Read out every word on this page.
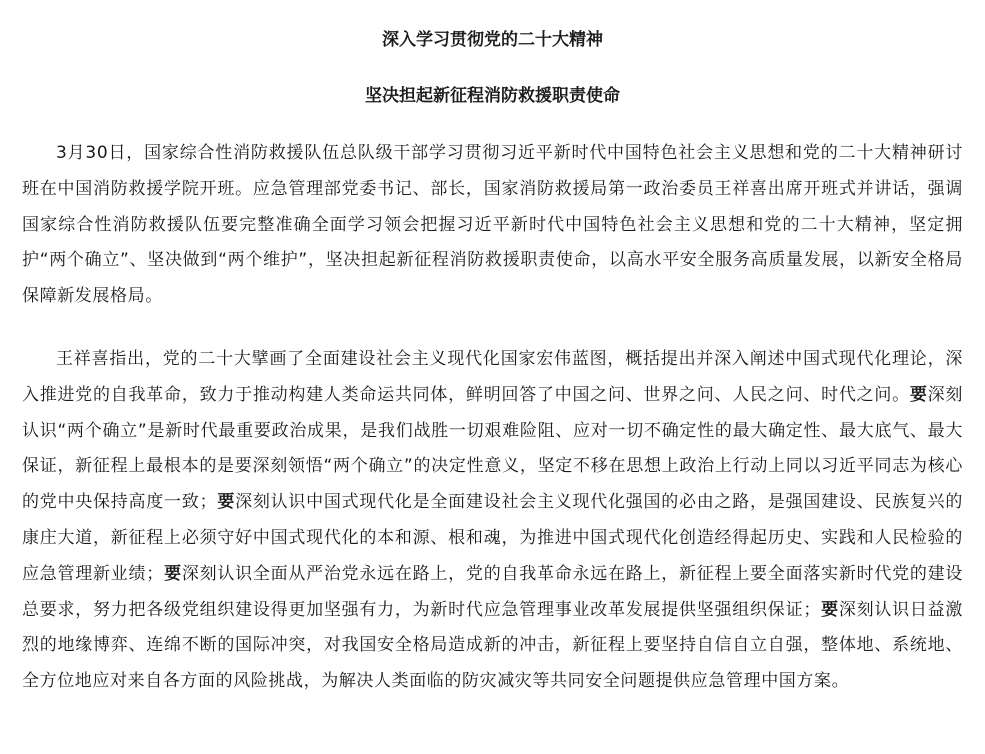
深入学习贯彻党的二十大精神
坚决担起新征程消防救援职责使命

3月30日，国家综合性消防救援队伍总队级干部学习贯彻习近平新时代中国特色社会主义思想和党的二十大精神研讨班在中国消防救援学院开班。应急管理部党委书记、部长，国家消防救援局第一政治委员王祥喜出席开班式并讲话，强调国家综合性消防救援队伍要完整准确全面学习领会把握习近平新时代中国特色社会主义思想和党的二十大精神，坚定拥护“两个确立”、坚决做到“两个维护”，坚决担起新征程消防救援职责使命，以高水平安全服务高质量发展，以新安全格局保障新发展格局。

王祥喜指出，党的二十大擘画了全面建设社会主义现代化国家宏伟蓝图，概括提出并深入阐述中国式现代化理论，深入推进党的自我革命，致力于推动构建人类命运共同体，鲜明回答了中国之问、世界之问、人民之问、时代之问。要深刻认识“两个确立”是新时代最重要政治成果，是我们战胜一切艰难险阻、应对一切不确定性的最大确定性、最大底气、最大保证，新征程上最根本的是要深刻领悟“两个确立”的决定性意义，坚定不移在思想上政治上行动上同以习近平同志为核心的党中央保持高度一致；要深刻认识中国式现代化是全面建设社会主义现代化强国的必由之路，是强国建设、民族复兴的康庄大道，新征程上必须守好中国式现代化的本和源、根和魂，为推进中国式现代化创造经得起历史、实践和人民检验的应急管理新业绩；要深刻认识全面从严治党永远在路上，党的自我革命永远在路上，新征程上要全面落实新时代党的建设总要求，努力把各级党组织建设得更加坚强有力，为新时代应急管理事业改革发展提供坚强组织保证；要深刻认识日益激烈的地缘博弈、连绵不断的国际冲突，对我国安全格局造成新的冲击，新征程上要坚持自信自立自强，整体地、系统地、全方位地应对来自各方面的风险挑战，为解决人类面临的防灾减灾等共同安全问题提供应急管理中国方案。
